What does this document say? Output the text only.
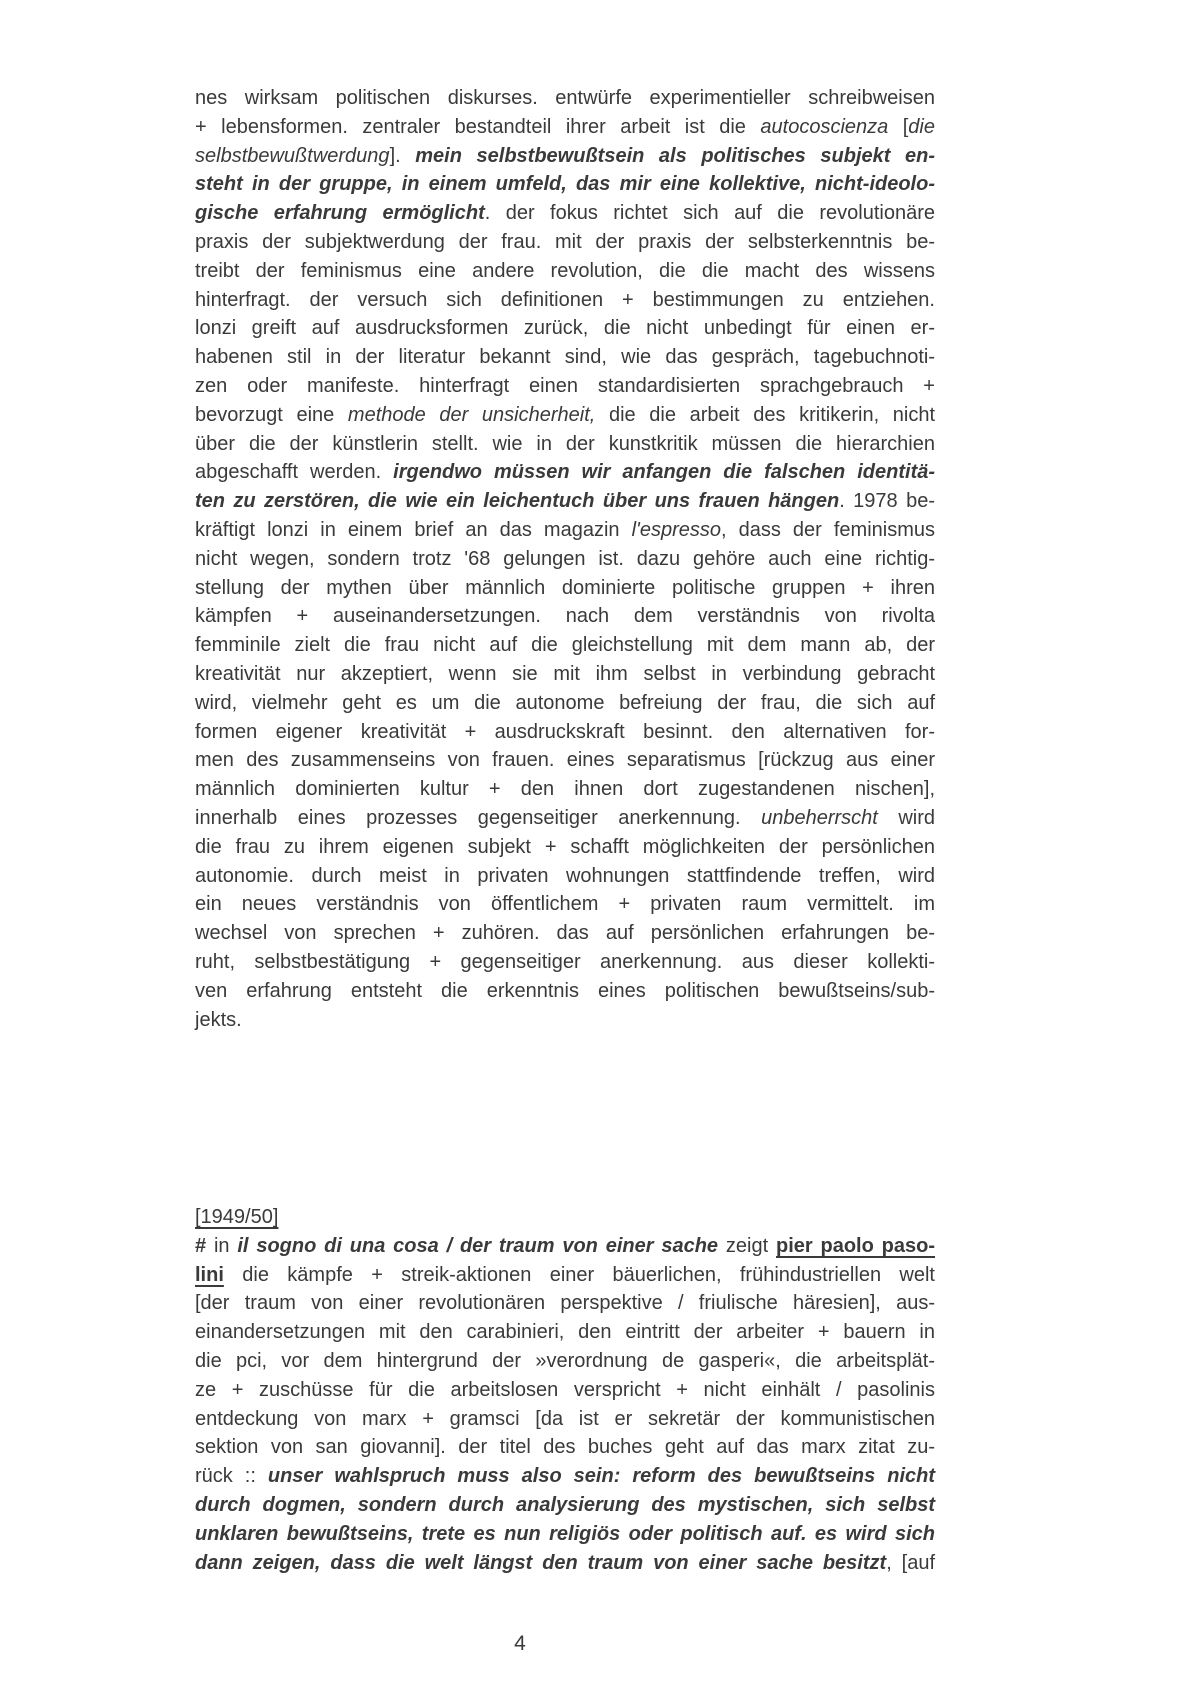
nes wirksam politischen diskurses. entwürfe experimentieller schreibweisen
+ lebensformen. zentraler bestandteil ihrer arbeit ist die autocoscienza [die
selbstbewußtwerdung]. mein selbstbewußtsein als politisches subjekt en-
steht in der gruppe, in einem umfeld, das mir eine kollektive, nicht-ideolo-
gische erfahrung ermöglicht. der fokus richtet sich auf die revolutionäre
praxis der subjektwerdung der frau. mit der praxis der selbsterkenntnis be-
treibt der feminismus eine andere revolution, die die macht des wissens
hinterfragt. der versuch sich definitionen + bestimmungen zu entziehen.
lonzi greift auf ausdrucksformen zurück, die nicht unbedingt für einen er-
habenen stil in der literatur bekannt sind, wie das gespräch, tagebuchnoti-
zen oder manifeste. hinterfragt einen standardisierten sprachgebrauch +
bevorzugt eine methode der unsicherheit, die die arbeit des kritikerin, nicht
über die der künstlerin stellt. wie in der kunstkritik müssen die hierarchien
abgeschafft werden. irgendwo müssen wir anfangen die falschen identitä-
ten zu zerstören, die wie ein leichentuch über uns frauen hängen. 1978 be-
kräftigt lonzi in einem brief an das magazin l'espresso, dass der feminismus
nicht wegen, sondern trotz '68 gelungen ist. dazu gehöre auch eine richtig-
stellung der mythen über männlich dominierte politische gruppen + ihren
kämpfen + auseinandersetzungen. nach dem verständnis von rivolta
femminile zielt die frau nicht auf die gleichstellung mit dem mann ab, der
kreativität nur akzeptiert, wenn sie mit ihm selbst in verbindung gebracht
wird, vielmehr geht es um die autonome befreiung der frau, die sich auf
formen eigener kreativität + ausdruckskraft besinnt. den alternativen for-
men des zusammenseins von frauen. eines separatismus [rückzug aus einer
männlich dominierten kultur + den ihnen dort zugestandenen nischen],
innerhalb eines prozesses gegenseitiger anerkennung. unbeherrscht wird
die frau zu ihrem eigenen subjekt + schafft möglichkeiten der persönlichen
autonomie. durch meist in privaten wohnungen stattfindende treffen, wird
ein neues verständnis von öffentlichem + privaten raum vermittelt. im
wechsel von sprechen + zuhören. das auf persönlichen erfahrungen be-
ruht, selbstbestätigung + gegenseitiger anerkennung. aus dieser kollekti-
ven erfahrung entsteht die erkenntnis eines politischen bewußtseins/sub-
jekts.
[1949/50]
# in il sogno di una cosa / der traum von einer sache zeigt pier paolo paso-
lini die kämpfe + streik-aktionen einer bäuerlichen, frühindustriellen welt
[der traum von einer revolutionären perspektive / friulische häresien], aus-
einandersetzungen mit den carabinieri, den eintritt der arbeiter + bauern in
die pci, vor dem hintergrund der »verordnung de gasperi«, die arbeitsplät-
ze + zuschüsse für die arbeitslosen verspricht + nicht einhält / pasolinis
entdeckung von marx + gramsci [da ist er sekretär der kommunistischen
sektion von san giovanni]. der titel des buches geht auf das marx zitat zu-
rück :: unser wahlspruch muss also sein: reform des bewußtseins nicht
durch dogmen, sondern durch analysierung des mystischen, sich selbst
unklaren bewußtseins, trete es nun religiös oder politisch auf. es wird sich
dann zeigen, dass die welt längst den traum von einer sache besitzt, [auf
4
